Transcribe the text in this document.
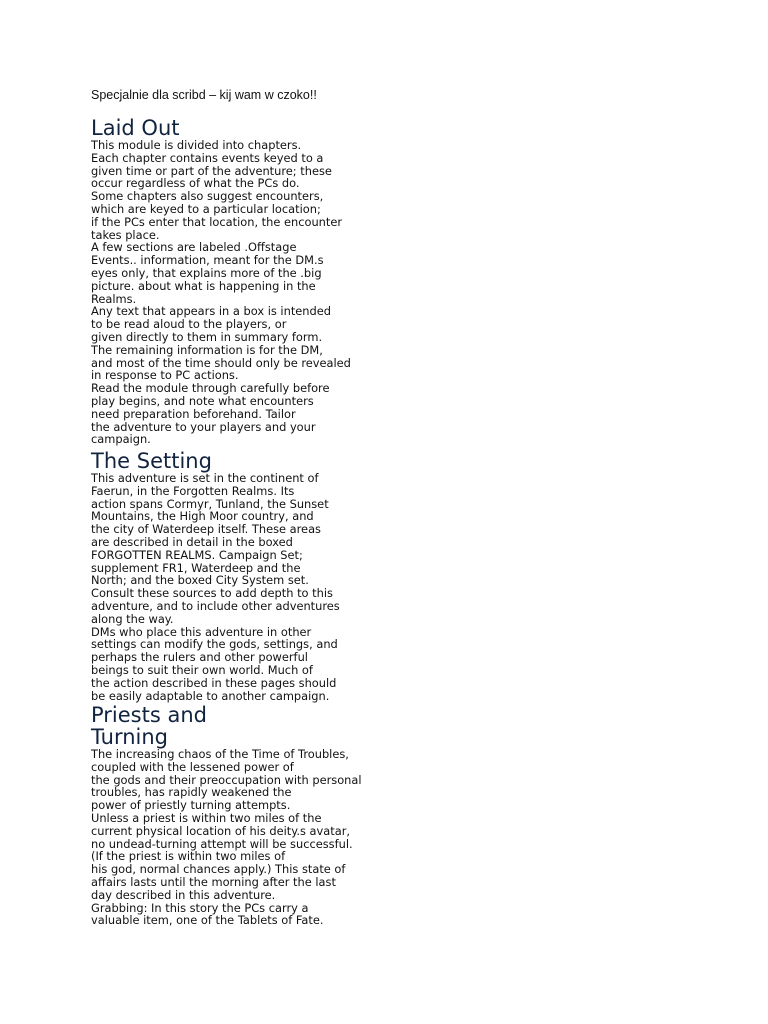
Specjalnie dla scribd – kij wam w czoko!!
Laid Out
This module is divided into chapters.
Each chapter contains events keyed to a
given time or part of the adventure; these
occur regardless of what the PCs do.
Some chapters also suggest encounters,
which are keyed to a particular location;
if the PCs enter that location, the encounter
takes place.
A few sections are labeled .Offstage
Events.. information, meant for the DM.s
eyes only, that explains more of the .big
picture. about what is happening in the
Realms.
Any text that appears in a box is intended
to be read aloud to the players, or
given directly to them in summary form.
The remaining information is for the DM,
and most of the time should only be revealed
in response to PC actions.
Read the module through carefully before
play begins, and note what encounters
need preparation beforehand. Tailor
the adventure to your players and your
campaign.
The Setting
This adventure is set in the continent of
Faerun, in the Forgotten Realms. Its
action spans Cormyr, Tunland, the Sunset
Mountains, the High Moor country, and
the city of Waterdeep itself. These areas
are described in detail in the boxed
FORGOTTEN REALMS. Campaign Set;
supplement FR1, Waterdeep and the
North; and the boxed City System set.
Consult these sources to add depth to this
adventure, and to include other adventures
along the way.
DMs who place this adventure in other
settings can modify the gods, settings, and
perhaps the rulers and other powerful
beings to suit their own world. Much of
the action described in these pages should
be easily adaptable to another campaign.
Priests and
Turning
The increasing chaos of the Time of Troubles,
coupled with the lessened power of
the gods and their preoccupation with personal
troubles, has rapidly weakened the
power of priestly turning attempts.
Unless a priest is within two miles of the
current physical location of his deity.s avatar,
no undead-turning attempt will be successful.
(If the priest is within two miles of
his god, normal chances apply.) This state of
affairs lasts until the morning after the last
day described in this adventure.
Grabbing: In this story the PCs carry a
valuable item, one of the Tablets of Fate.
